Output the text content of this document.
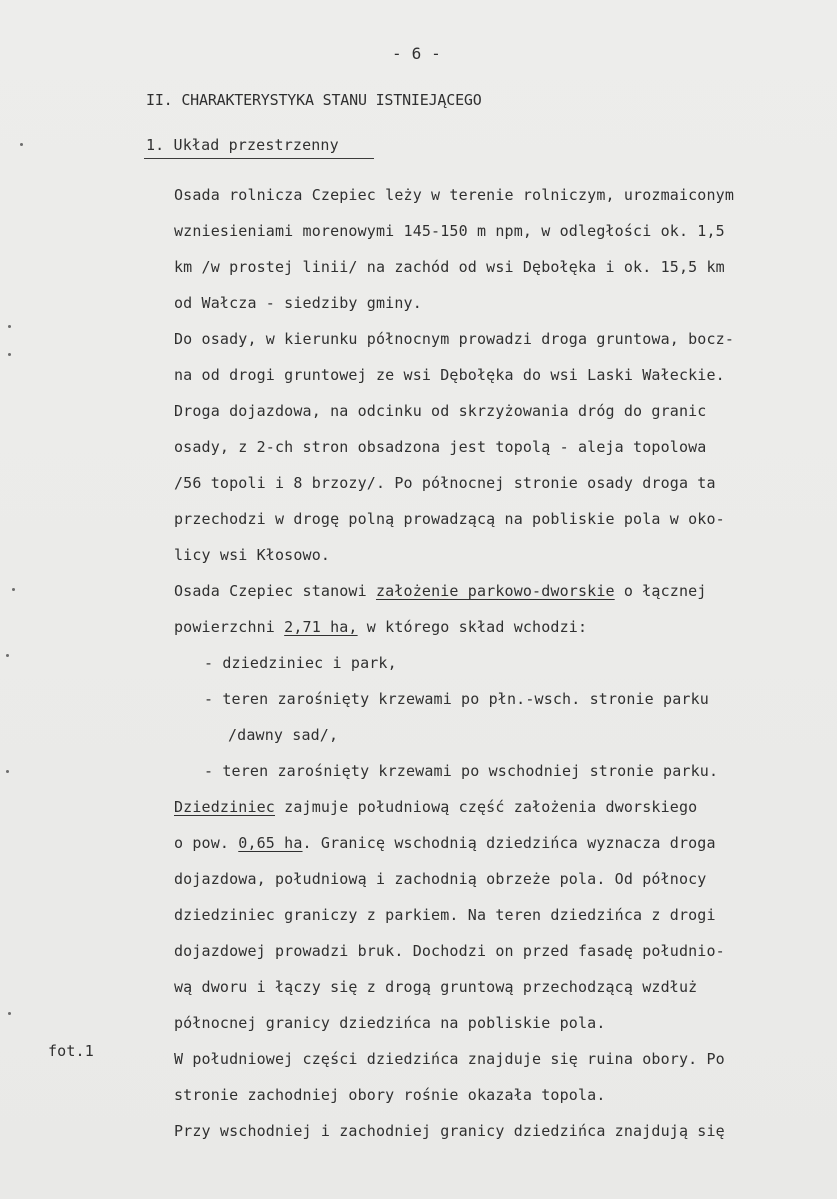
- 6 -
II. CHARAKTERYSTYKA STANU ISTNIEJĄCEGO
1. Układ przestrzenny
fot.1
Osada rolnicza Czepiec leży w terenie rolniczym, urozmaiconym
wzniesieniami morenowymi 145-150 m npm, w odległości ok. 1,5
km /w prostej linii/ na zachód od wsi Dębołęka i ok. 15,5 km
od Wałcza - siedziby gminy.
Do osady, w kierunku północnym prowadzi droga gruntowa, bocz-
na od drogi gruntowej ze wsi Dębołęka do wsi Laski Wałeckie.
Droga dojazdowa, na odcinku od skrzyżowania dróg do granic
osady, z 2-ch stron obsadzona jest topolą - aleja topolowa
/56 topoli i 8 brzozy/. Po północnej stronie osady droga ta
przechodzi w drogę polną prowadzącą na pobliskie pola w oko-
licy wsi Kłosowo.
Osada Czepiec stanowi założenie parkowo-dworskie o łącznej
powierzchni 2,71 ha, w którego skład wchodzi:
- dziedziniec i park,
- teren zarośnięty krzewami po płn.-wsch. stronie parku
/dawny sad/,
- teren zarośnięty krzewami po wschodniej stronie parku.
Dziedziniec zajmuje południową część założenia dworskiego
o pow. 0,65 ha. Granicę wschodnią dziedzińca wyznacza droga
dojazdowa, południową i zachodnią obrzeże pola. Od północy
dziedziniec graniczy z parkiem. Na teren dziedzińca z drogi
dojazdowej prowadzi bruk. Dochodzi on przed fasadę południo-
wą dworu i łączy się z drogą gruntową przechodzącą wzdłuż
północnej granicy dziedzińca na pobliskie pola.
W południowej części dziedzińca znajduje się ruina obory. Po
stronie zachodniej obory rośnie okazała topola.
Przy wschodniej i zachodniej granicy dziedzińca znajdują się
